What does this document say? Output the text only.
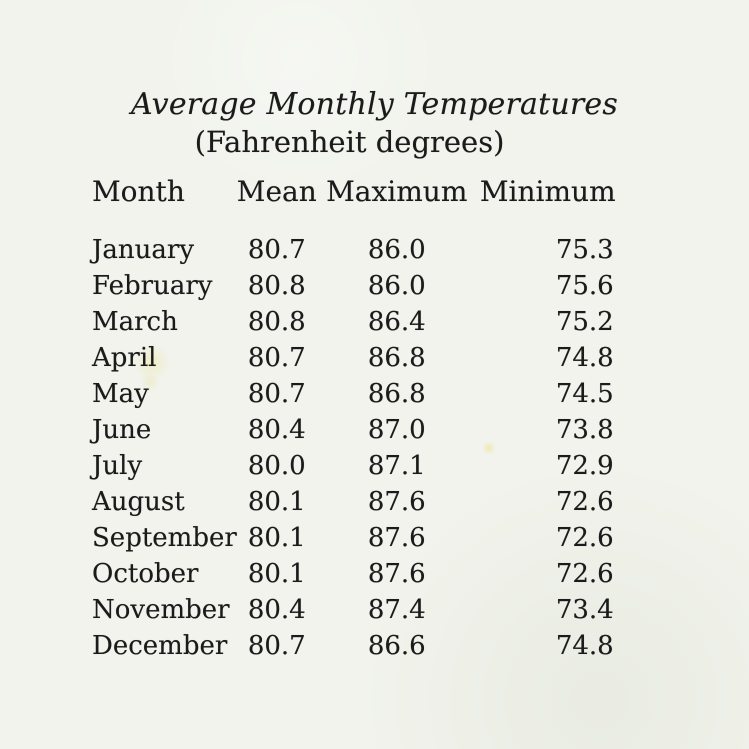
Average Monthly Temperatures
(Fahrenheit degrees)
Month	Mean	Maximum	Minimum
January	80.7	86.0	75.3
February	80.8	86.0	75.6
March	80.8	86.4	75.2
April	80.7	86.8	74.8
May	80.7	86.8	74.5
June	80.4	87.0	73.8
July	80.0	87.1	72.9
August	80.1	87.6	72.6
September	80.1	87.6	72.6
October	80.1	87.6	72.6
November	80.4	87.4	73.4
December	80.7	86.6	74.8
